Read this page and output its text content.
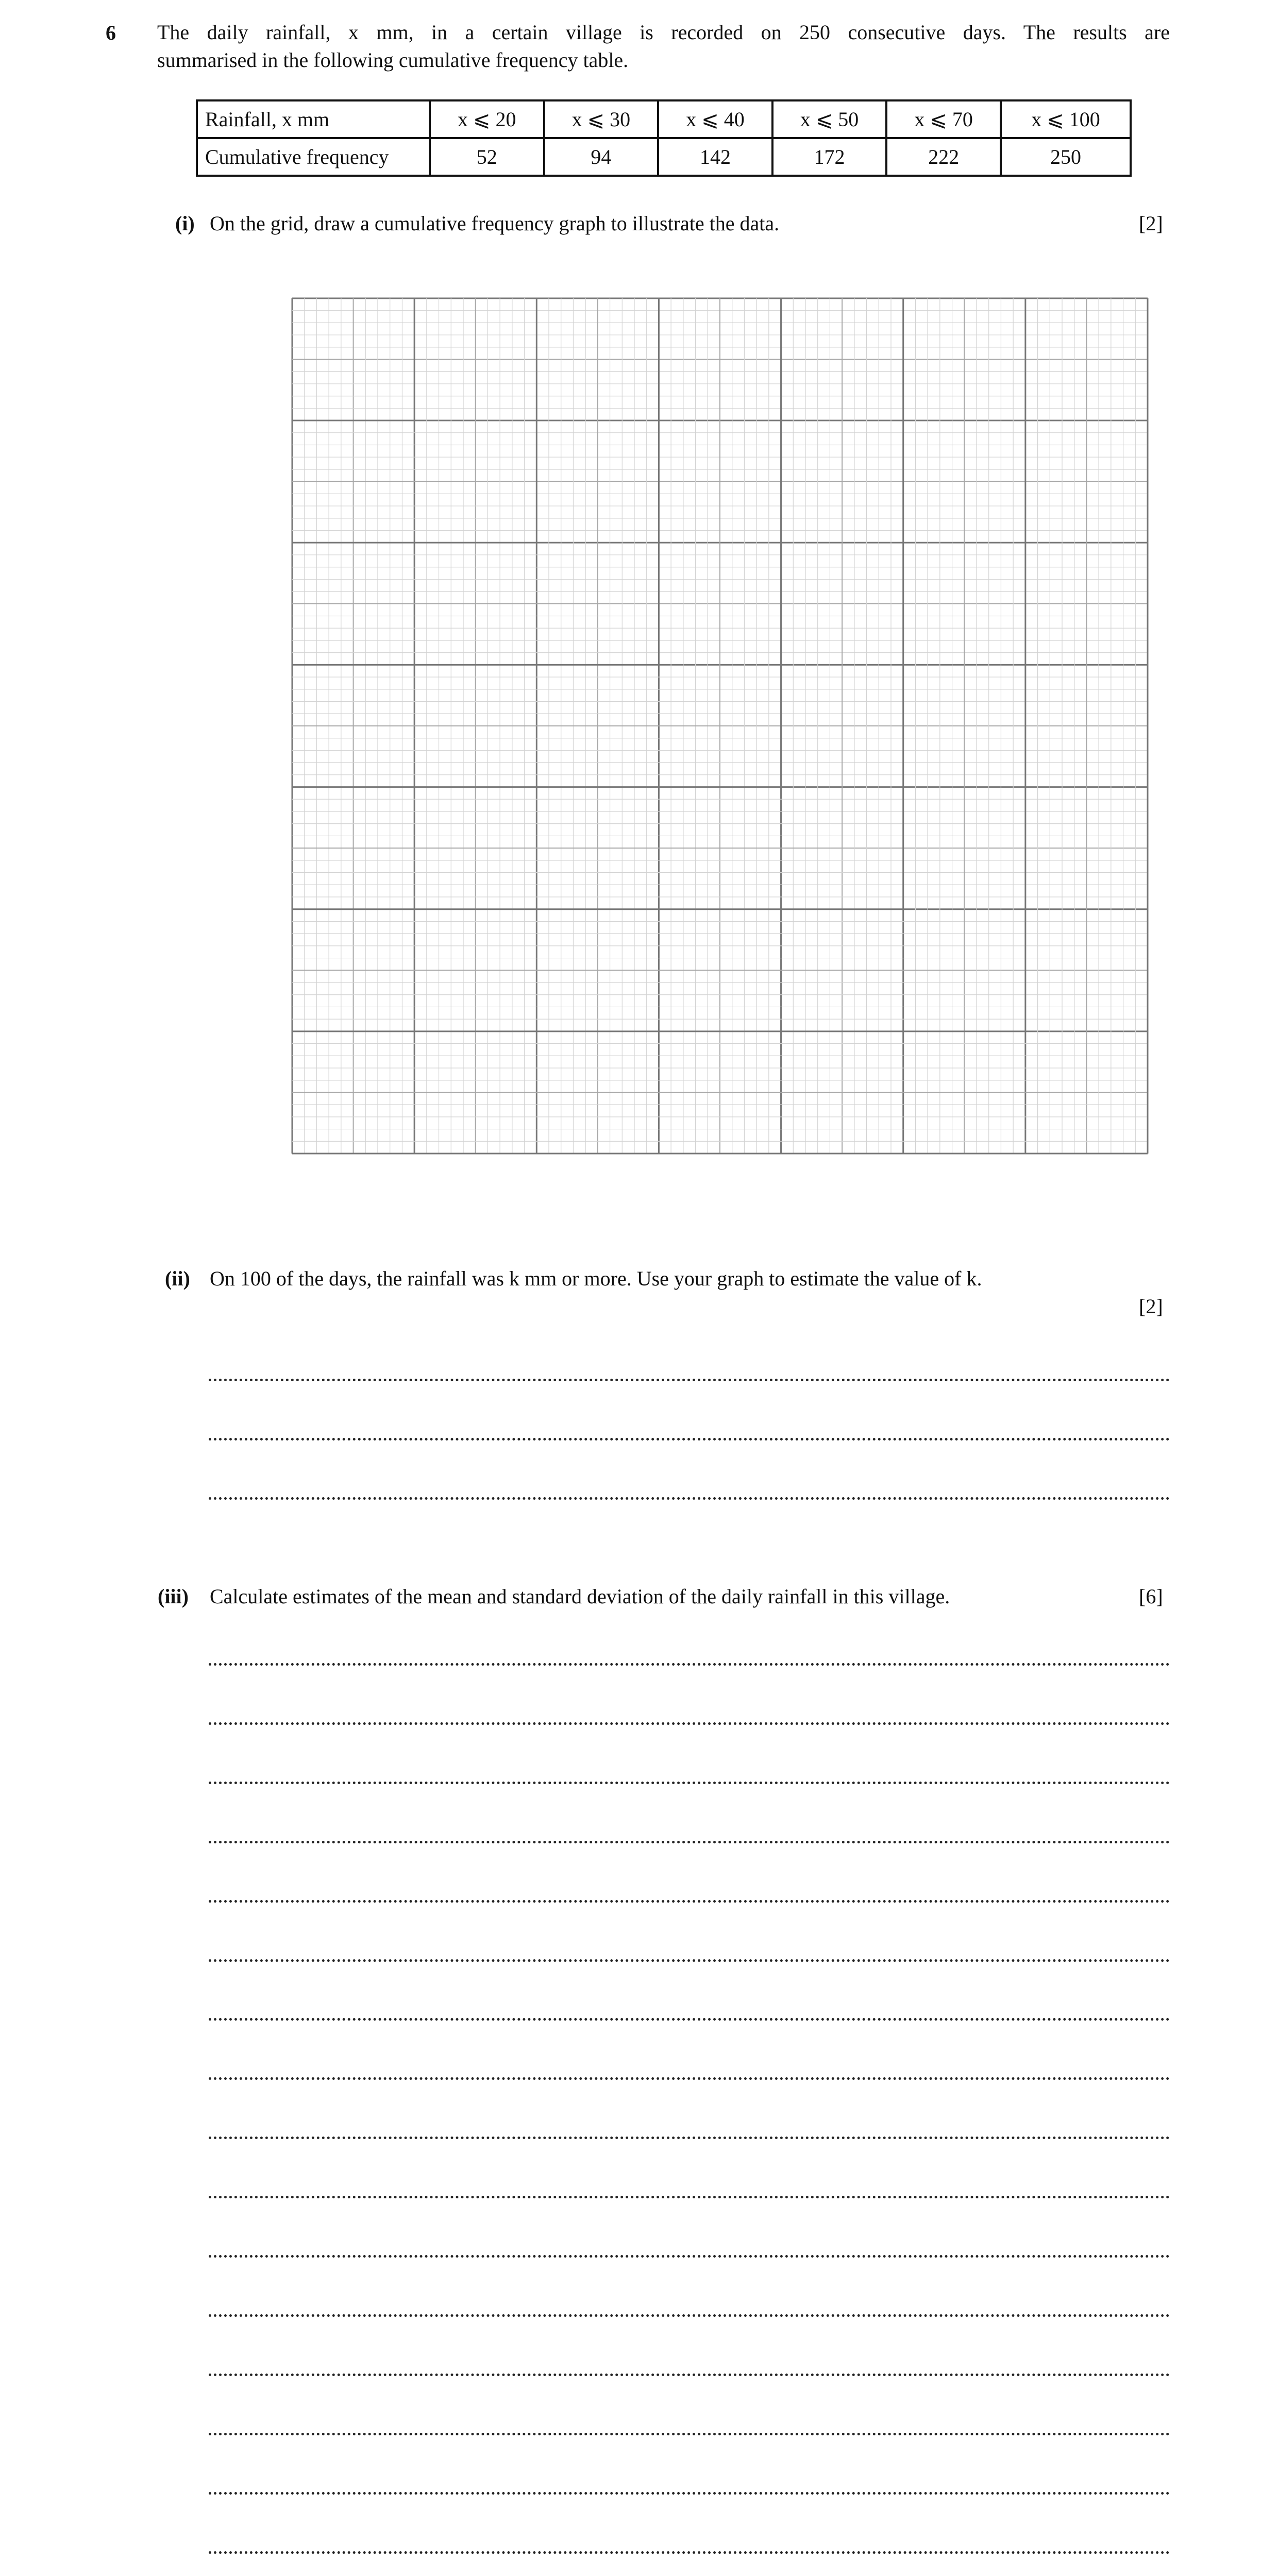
6 The daily rainfall, x mm, in a certain village is recorded on 250 consecutive days. The results are

summarised in the following cumulative frequency table.

Rainfall, x mm	x ⩽ 20	x ⩽ 30	x ⩽ 40	x ⩽ 50	x ⩽ 70	x ⩽ 100
Cumulative frequency	52	94	142	172	222	250
(i) On the grid, draw a cumulative frequency graph to illustrate the data.	[2]
(ii) On 100 of the days, the rainfall was k mm or more. Use your graph to estimate the value of k.
[2]
(iii) Calculate estimates of the mean and standard deviation of the daily rainfall in this village.	[6]
